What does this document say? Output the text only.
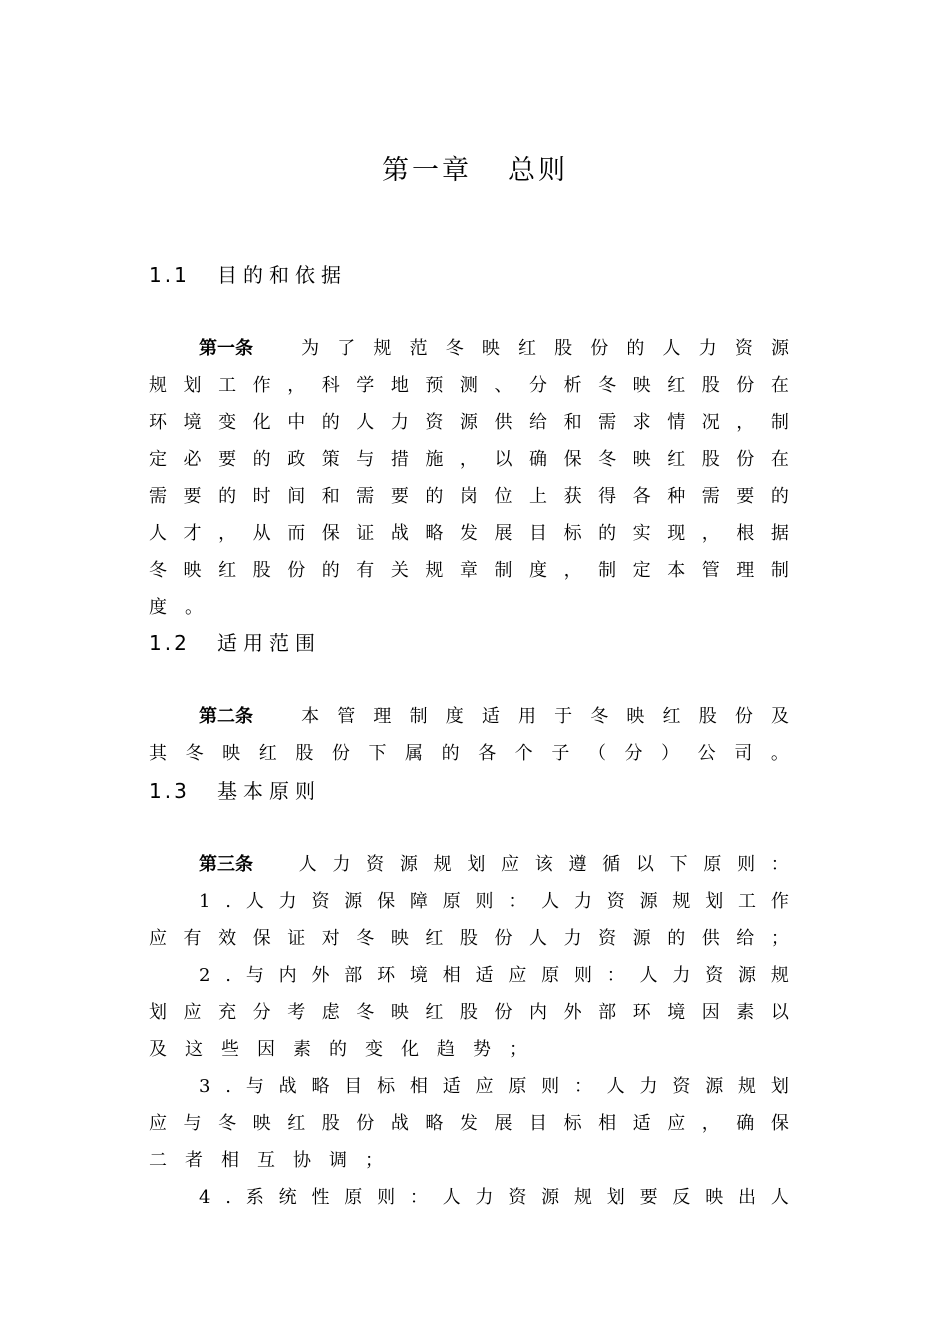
第一章 总则
1.1 目的和依据
第一条	为 了 规 范 冬 映 红 股 份 的 人 力 资 源
规 划 工 作 ， 科 学 地 预 测 、 分 析 冬 映 红 股 份 在
环 境 变 化 中 的 人 力 资 源 供 给 和 需 求 情 况 ， 制
定 必 要 的 政 策 与 措 施 ， 以 确 保 冬 映 红 股 份 在
需 要 的 时 间 和 需 要 的 岗 位 上 获 得 各 种 需 要 的
人 才 ， 从 而 保 证 战 略 发 展 目 标 的 实 现 ， 根 据
冬 映 红 股 份 的 有 关 规 章 制 度 ， 制 定 本 管 理 制
度 。
1.2 适用范围
第二条	本 管 理 制 度 适 用 于 冬 映 红 股 份 及
其 冬 映 红 股 份 下 属 的 各 个 子 （ 分 ） 公 司 。
1.3 基本原则
第三条	人 力 资 源 规 划 应 该 遵 循 以 下 原 则 ：
1 . 人 力 资 源 保 障 原 则 ： 人 力 资 源 规 划 工 作
应 有 效 保 证 对 冬 映 红 股 份 人 力 资 源 的 供 给 ；
2 . 与 内 外 部 环 境 相 适 应 原 则 ： 人 力 资 源 规
划 应 充 分 考 虑 冬 映 红 股 份 内 外 部 环 境 因 素 以
及 这 些 因 素 的 变 化 趋 势 ；
3 . 与 战 略 目 标 相 适 应 原 则 ： 人 力 资 源 规 划
应 与 冬 映 红 股 份 战 略 发 展 目 标 相 适 应 ， 确 保
二 者 相 互 协 调 ；
4 . 系 统 性 原 则 ： 人 力 资 源 规 划 要 反 映 出 人
